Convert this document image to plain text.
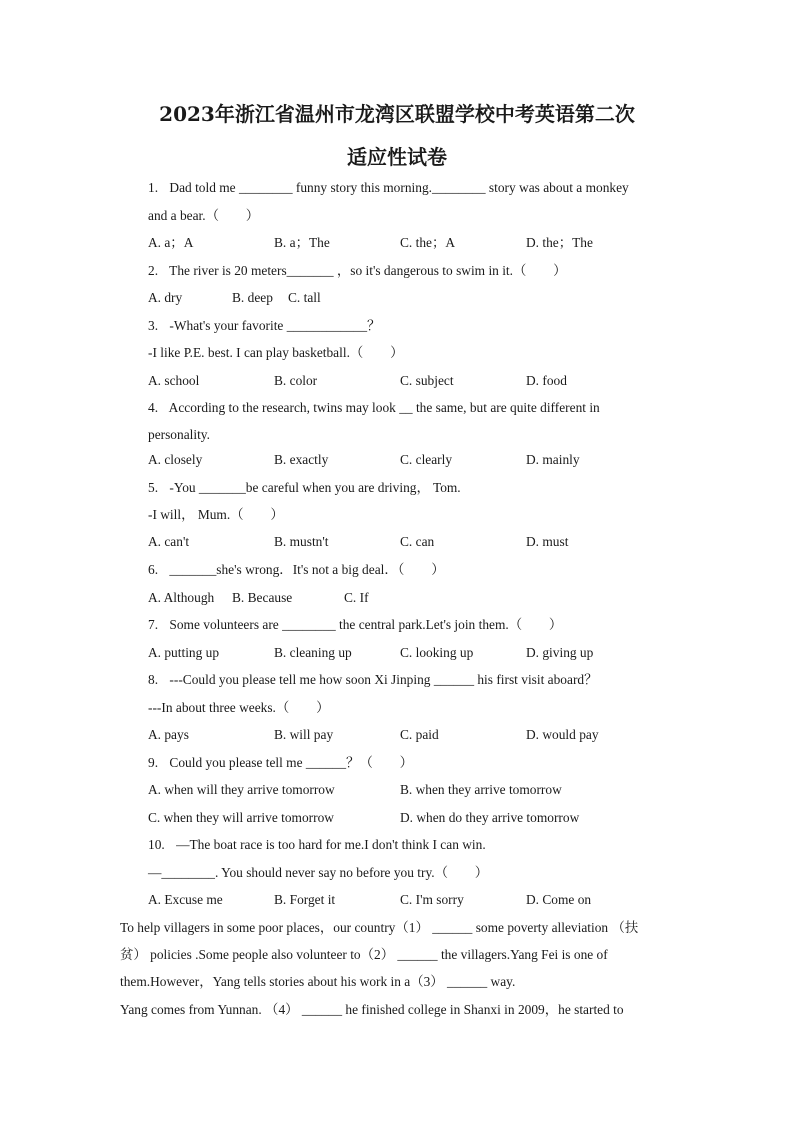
2023年浙江省温州市龙湾区联盟学校中考英语第二次
适应性试卷
1. Dad told me ________ funny story this morning.________ story was about a monkey
and a bear.（　　）
A. a；A	B. a；The	C. the；A	D. the；The
2. The river is 20 meters_______ ，so it's dangerous to swim in it.（　　）
A. dry	B. deep C. tall
3. -What's your favorite ____________？
-I like P.E. best. I can play basketball.（　　）
A. school	B. color	C. subject	D. food
4. According to the research, twins may look __ the same, but are quite different in
personality.
A. closely	B. exactly	C. clearly	D. mainly
5. -You _______be careful when you are driving， Tom.
-I will， Mum.（　　）
A. can't	B. mustn't	C. can	D. must
6. _______she's wrong．It's not a big deal．（　　）
A. Although B. Because	C. If
7. Some volunteers are ________ the central park.Let's join them.（　　）
A. putting up	B. cleaning up	C. looking up	D. giving up
8. ---Could you please tell me how soon Xi Jinping ______ his first visit aboard？
---In about three weeks.（　　）
A. pays	B. will pay	C. paid	D. would pay
9. Could you please tell me ______？（　　）
A. when will they arrive tomorrow	B. when they arrive tomorrow
C. when they will arrive tomorrow	D. when do they arrive tomorrow
10. —The boat race is too hard for me.I don't think I can win.
—________. You should never say no before you try.（　　）
A. Excuse me	B. Forget it	C. I'm sorry	D. Come on
To help villagers in some poor places，our country（1） ______ some poverty alleviation （扶
贫） policies .Some people also volunteer to（2） ______ the villagers.Yang Fei is one of
them.However，Yang tells stories about his work in a（3） ______ way.
Yang comes from Yunnan. （4） ______ he finished college in Shanxi in 2009，he started to
